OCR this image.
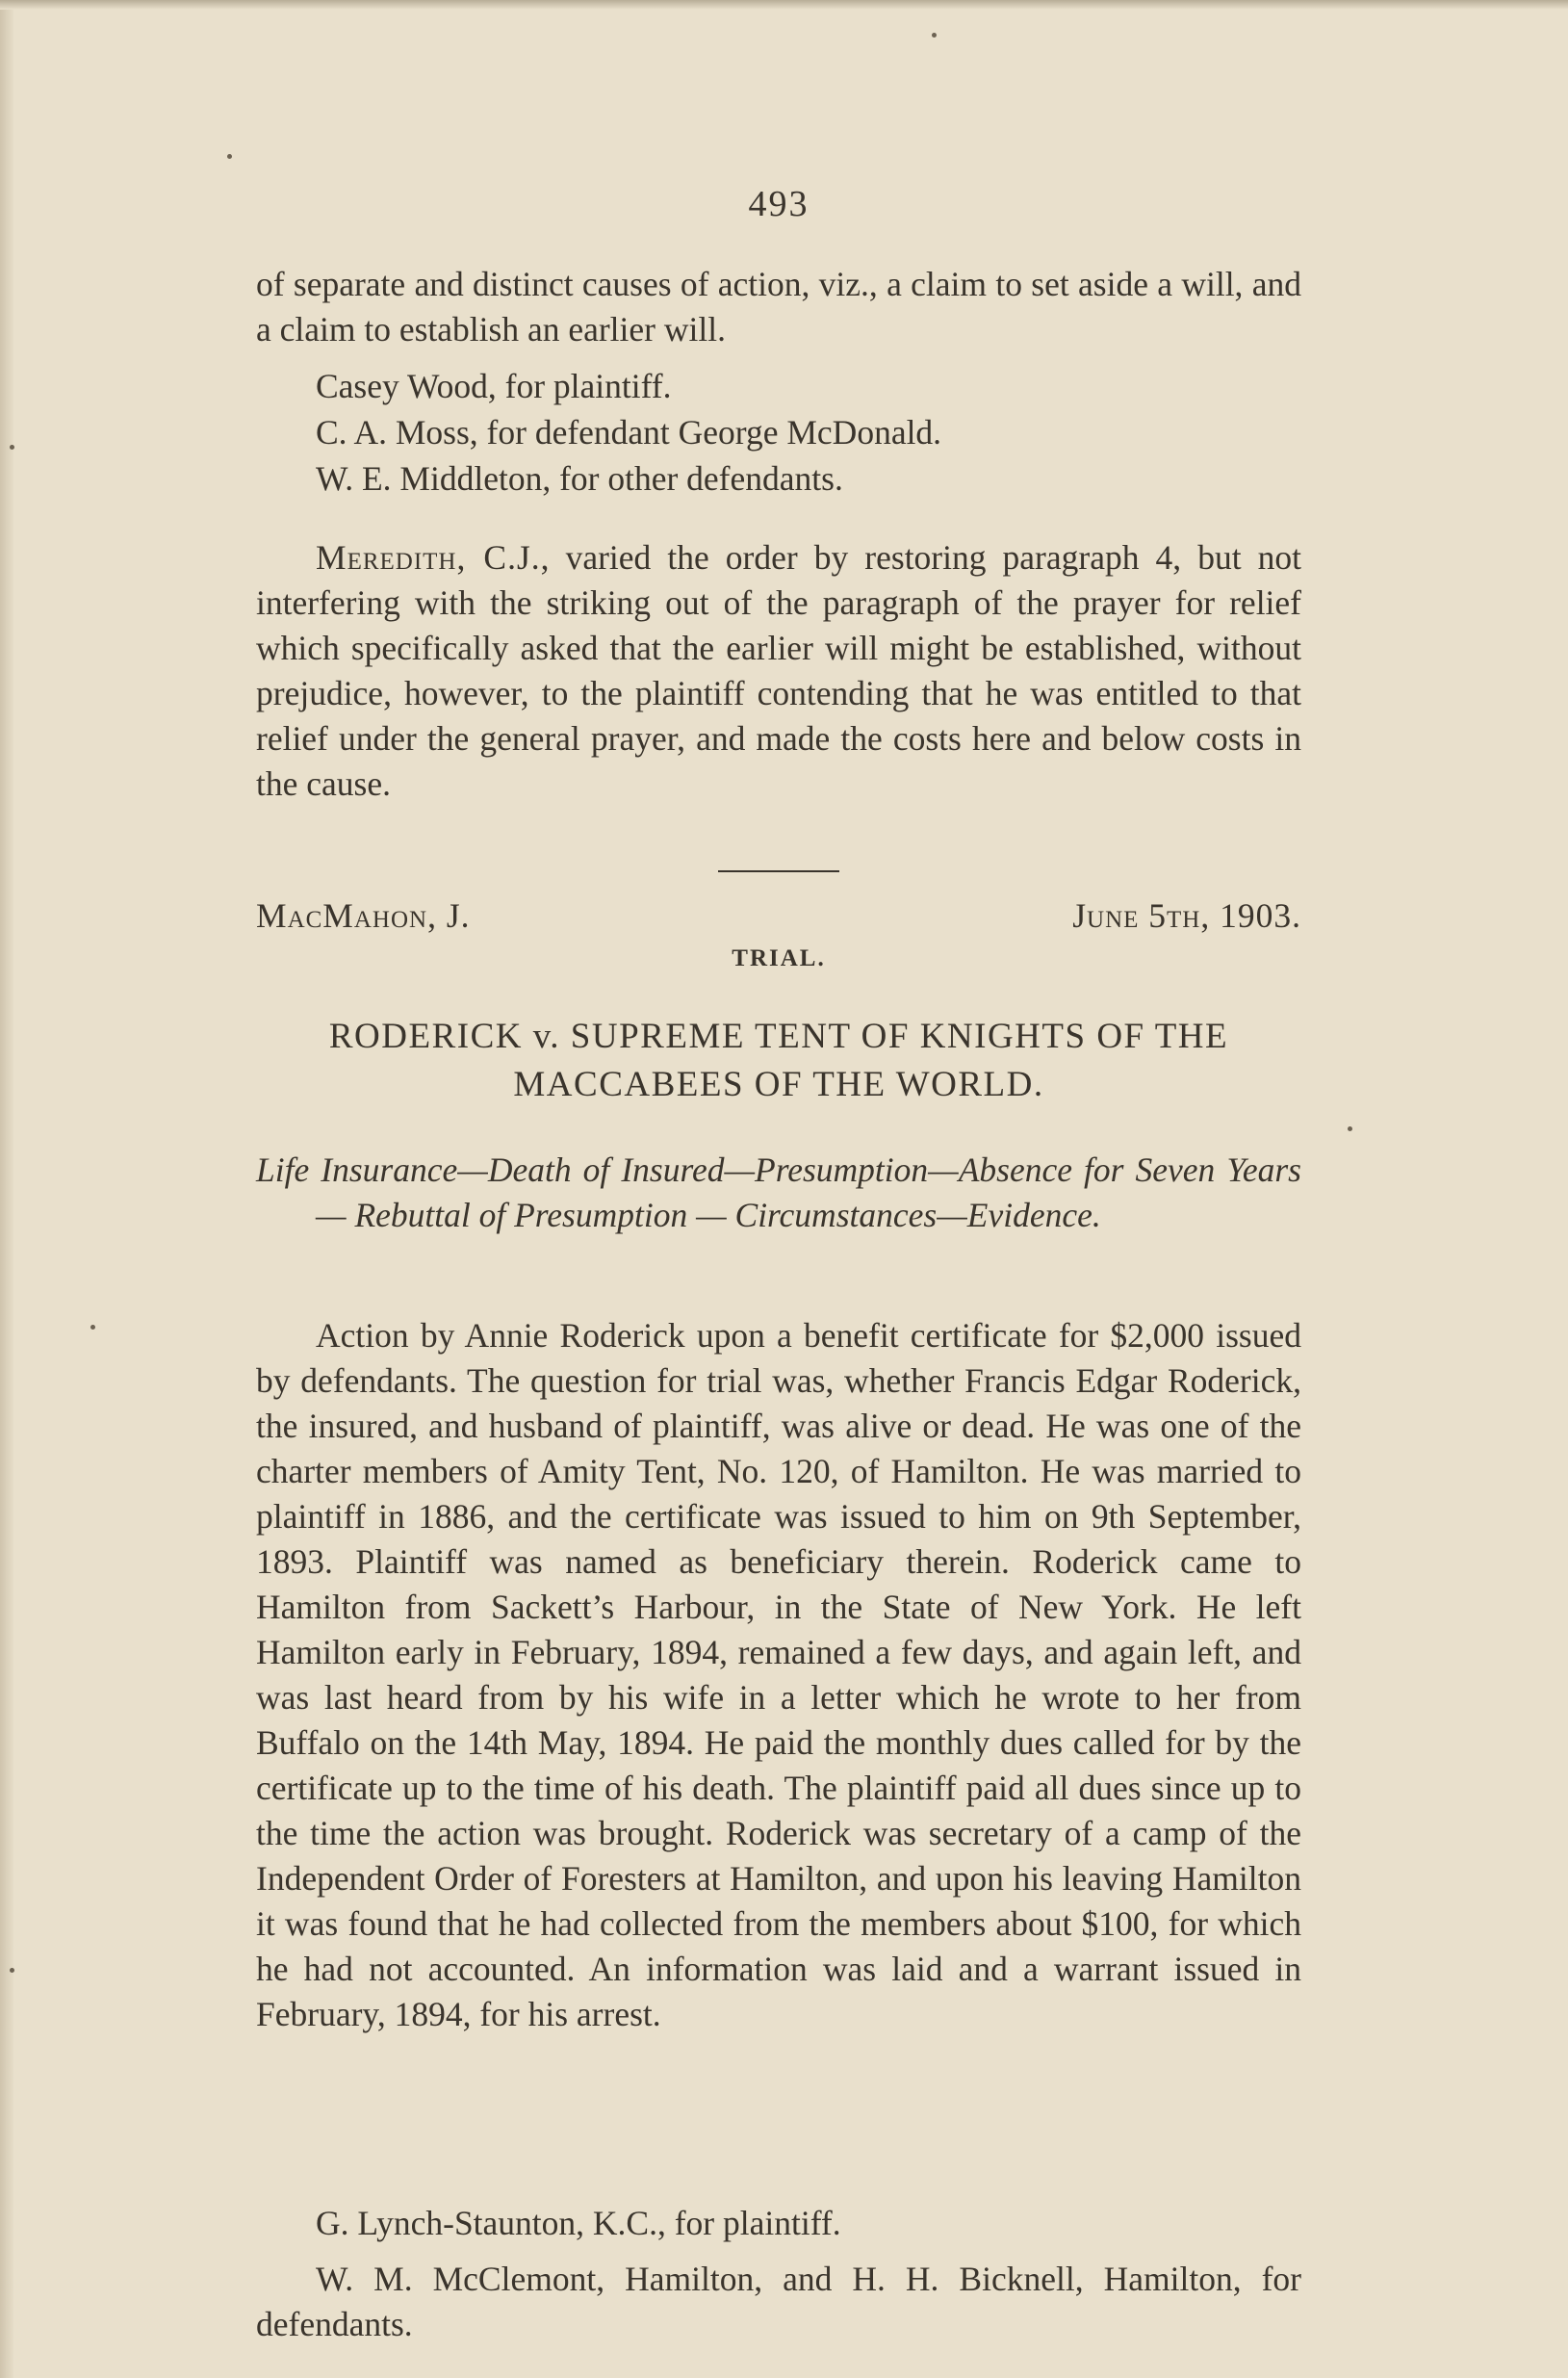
493

of separate and distinct causes of action, viz., a claim to set aside a will, and a claim to establish an earlier will.

Casey Wood, for plaintiff.

C. A. Moss, for defendant George McDonald.

W. E. Middleton, for other defendants.

Meredith, C.J., varied the order by restoring paragraph 4, but not interfering with the striking out of the paragraph of the prayer for relief which specifically asked that the earlier will might be established, without prejudice, however, to the plaintiff contending that he was entitled to that relief under the general prayer, and made the costs here and below costs in the cause.

MacMahon, J.	June 5th, 1903.
TRIAL.
RODERICK v. SUPREME TENT OF KNIGHTS OF THE
MACCABEES OF THE WORLD.
Life Insurance—Death of Insured—Presumption—Absence for Seven Years — Rebuttal of Presumption — Circumstances—Evidence.

Action by Annie Roderick upon a benefit certificate for $2,000 issued by defendants. The question for trial was, whether Francis Edgar Roderick, the insured, and husband of plaintiff, was alive or dead. He was one of the charter members of Amity Tent, No. 120, of Hamilton. He was married to plaintiff in 1886, and the certificate was issued to him on 9th September, 1893. Plaintiff was named as beneficiary therein. Roderick came to Hamilton from Sackett’s Harbour, in the State of New York. He left Hamilton early in February, 1894, remained a few days, and again left, and was last heard from by his wife in a letter which he wrote to her from Buffalo on the 14th May, 1894. He paid the monthly dues called for by the certificate up to the time of his death. The plaintiff paid all dues since up to the time the action was brought. Roderick was secretary of a camp of the Independent Order of Foresters at Hamilton, and upon his leaving Hamilton it was found that he had collected from the members about $100, for which he had not accounted. An information was laid and a warrant issued in February, 1894, for his arrest.

G. Lynch-Staunton, K.C., for plaintiff.
W. M. McClemont, Hamilton, and H. H. Bicknell, Hamilton, for defendants.
